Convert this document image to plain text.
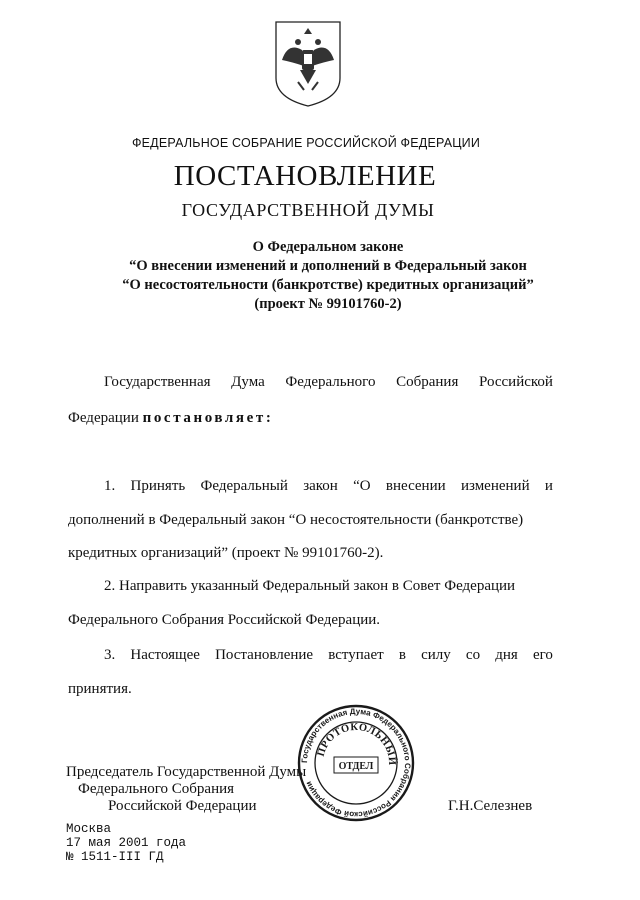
ФЕДЕРАЛЬНОЕ СОБРАНИЕ РОССИЙСКОЙ ФЕДЕРАЦИИ
ПОСТАНОВЛЕНИЕ
ГОСУДАРСТВЕННОЙ ДУМЫ
О Федеральном законе
“О внесении изменений и дополнений в Федеральный закон
“О несостоятельности (банкротстве) кредитных организаций”
(проект № 99101760-2)
Государственная Дума Федерального Собрания Российской
Федерации постановляет:
1. Принять Федеральный закон “О внесении изменений и
дополнений в Федеральный закон “О несостоятельности (банкротстве)
кредитных организаций” (проект № 99101760-2).
2. Направить указанный Федеральный закон в Совет Федерации
Федерального Собрания Российской Федерации.
3. Настоящее Постановление вступает в силу со дня его
принятия.
Председатель Государственной Думы
Федерального Собрания
Российской Федерации	Г.Н.Селезнев
Москва
17 мая 2001 года
№ 1511-III ГД
Государственная Дума Федерального Собрания Российской Федерации
ПРОТОКОЛЬНЫЙ
ОТДЕЛ
